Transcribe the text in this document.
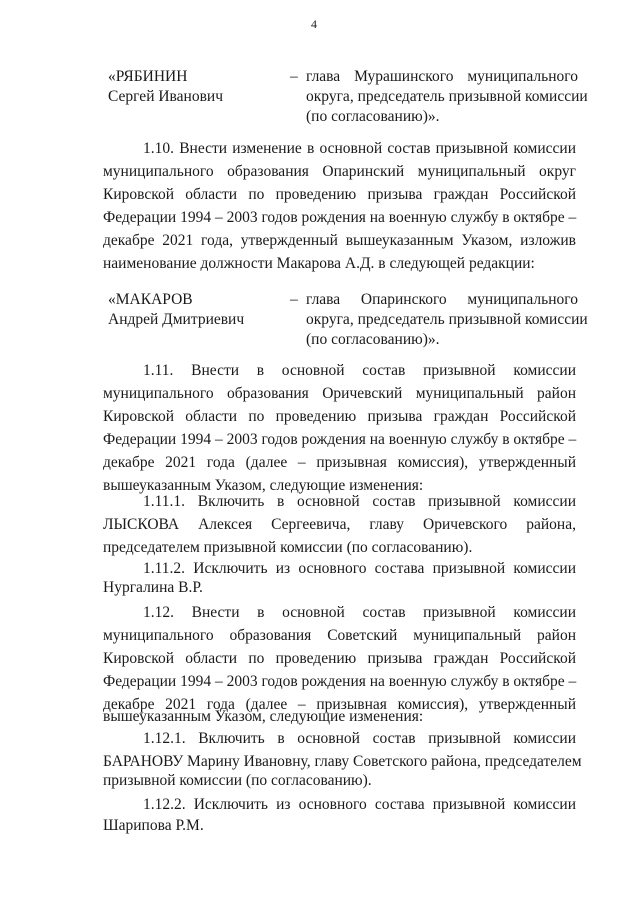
4
«РЯБИНИН
Сергей Иванович
– глава Мурашинского муниципального
округа, председатель призывной комиссии
(по согласованию)».
1.10. Внести изменение в основной состав призывной комиссии
муниципального образования Опаринский муниципальный округ
Кировской области по проведению призыва граждан Российской
Федерации 1994 – 2003 годов рождения на военную службу в октябре –
декабре 2021 года, утвержденный вышеуказанным Указом, изложив
наименование должности Макарова А.Д. в следующей редакции:
«МАКАРОВ
Андрей Дмитриевич
– глава Опаринского муниципального
округа, председатель призывной комиссии
(по согласованию)».
1.11. Внести в основной состав призывной комиссии
муниципального образования Оричевский муниципальный район
Кировской области по проведению призыва граждан Российской
Федерации 1994 – 2003 годов рождения на военную службу в октябре –
декабре 2021 года (далее – призывная комиссия), утвержденный
вышеуказанным Указом, следующие изменения:
1.11.1. Включить в основной состав призывной комиссии
ЛЫСКОВА Алексея Сергеевича, главу Оричевского района,
председателем призывной комиссии (по согласованию).
1.11.2. Исключить из основного состава призывной комиссии
Нургалина В.Р.
1.12. Внести в основной состав призывной комиссии
муниципального образования Советский муниципальный район
Кировской области по проведению призыва граждан Российской
Федерации 1994 – 2003 годов рождения на военную службу в октябре –
декабре 2021 года (далее – призывная комиссия), утвержденный
вышеуказанным Указом, следующие изменения:
1.12.1. Включить в основной состав призывной комиссии
БАРАНОВУ Марину Ивановну, главу Советского района, председателем
призывной комиссии (по согласованию).
1.12.2. Исключить из основного состава призывной комиссии
Шарипова Р.М.
